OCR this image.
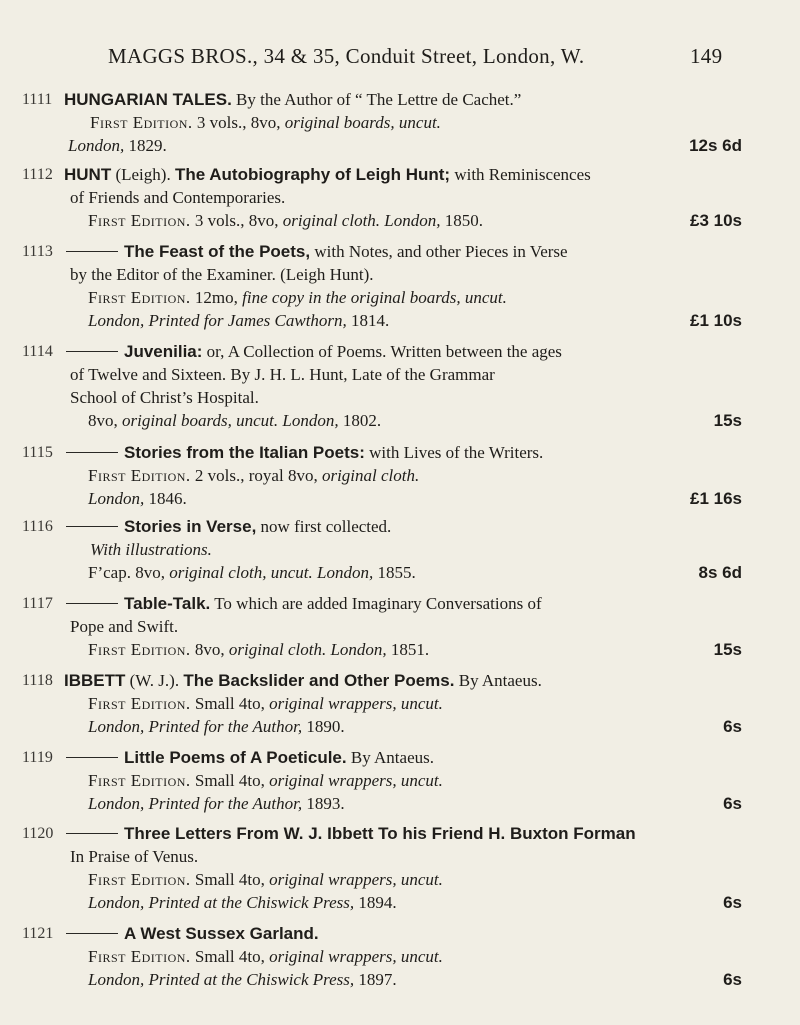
MAGGS BROS., 34 & 35, Conduit Street, London, W.	149
1111 HUNGARIAN TALES. By the Author of “ The Lettre de Cachet.”
First Edition. 3 vols., 8vo, original boards, uncut.
London, 1829.	12s 6d
1112 HUNT (Leigh). The Autobiography of Leigh Hunt; with Reminiscences
of Friends and Contemporaries.
First Edition. 3 vols., 8vo, original cloth. London, 1850.	£3 10s
1113	The Feast of the Poets, with Notes, and other Pieces in Verse
by the Editor of the Examiner. (Leigh Hunt).
First Edition. 12mo, fine copy in the original boards, uncut.
London, Printed for James Cawthorn, 1814.	£1 10s
1114	Juvenilia: or, A Collection of Poems. Written between the ages
of Twelve and Sixteen. By J. H. L. Hunt, Late of the Grammar
School of Christ’s Hospital.
8vo, original boards, uncut. London, 1802.	15s
1115	Stories from the Italian Poets: with Lives of the Writers.
First Edition. 2 vols., royal 8vo, original cloth.
London, 1846.	£1 16s
1116	Stories in Verse, now first collected.
With illustrations.
F’cap. 8vo, original cloth, uncut. London, 1855.	8s 6d
1117	Table-Talk. To which are added Imaginary Conversations of
Pope and Swift.
First Edition. 8vo, original cloth. London, 1851.	15s
1118 IBBETT (W. J.). The Backslider and Other Poems. By Antaeus.
First Edition. Small 4to, original wrappers, uncut.
London, Printed for the Author, 1890.	6s
1119	Little Poems of A Poeticule. By Antaeus.
First Edition. Small 4to, original wrappers, uncut.
London, Printed for the Author, 1893.	6s
1120	Three Letters From W. J. Ibbett To his Friend H. Buxton Forman
In Praise of Venus.
First Edition. Small 4to, original wrappers, uncut.
London, Printed at the Chiswick Press, 1894.	6s
1121	A West Sussex Garland.
First Edition. Small 4to, original wrappers, uncut.
London, Printed at the Chiswick Press, 1897.	6s
